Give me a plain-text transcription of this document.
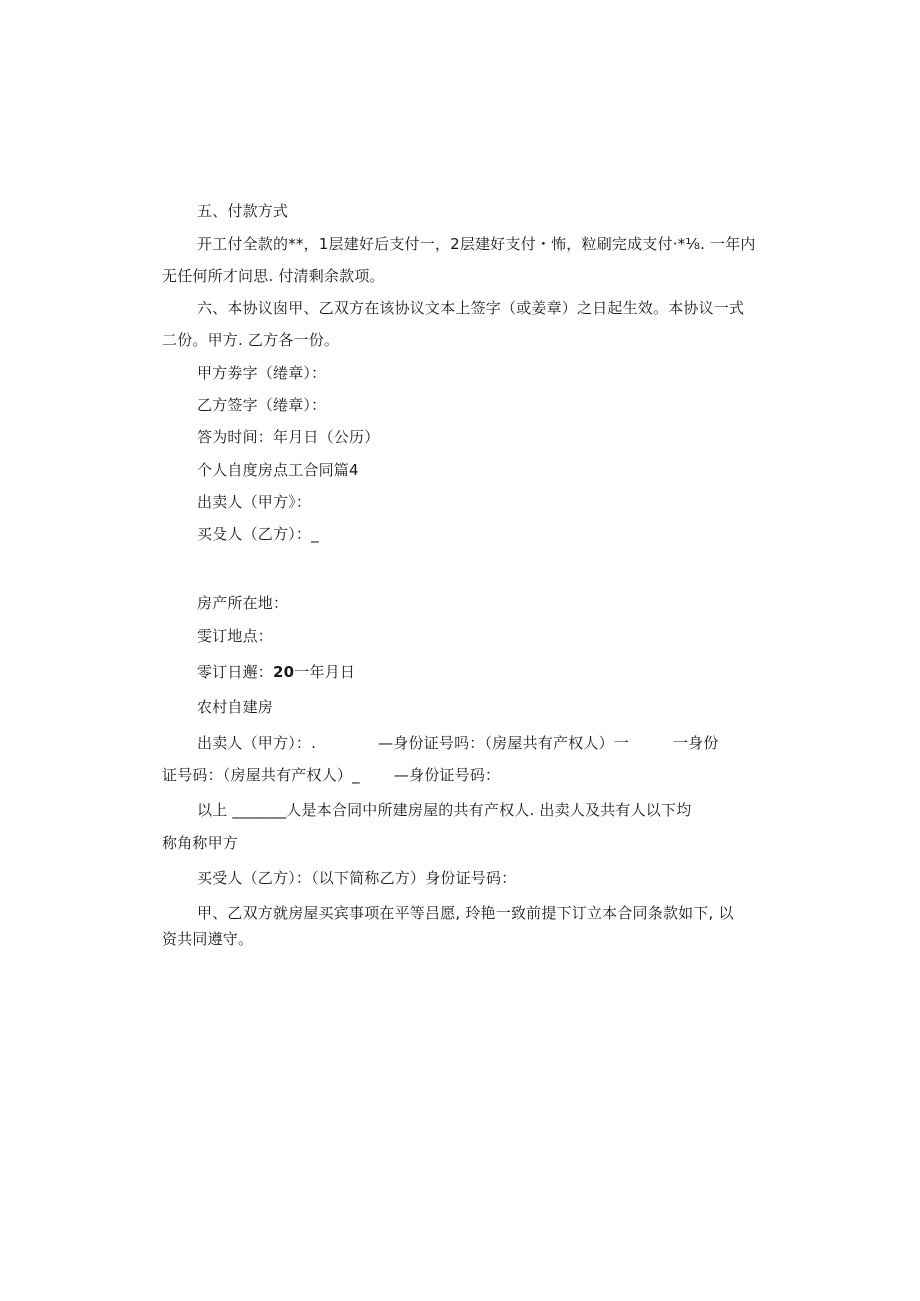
五、付款方式
开工付全款的**，1层建好后支付一，2层建好支付・怖，粒刷完成支付·*⅛. 一年内
无任何所才问思. 付清剩余款项。
六、本协议囱甲、乙双方在该协议文本上签字（或姜章）之日起生效。本协议一式
二份。甲方. 乙方各一份。
甲方劵字（绻章）：
乙方签字（绻章）：
答为时间：年月日（公历）
个人自度房点工合同篇4
出卖人（甲方》：
买殳人（乙方）：_
房产所在地：
雯订地点：
零订日邂：20一年月日
农村自建房
出卖人（甲方）：.	—身份证号吗：（房屋共有产权人）一	一身份
证号码：（房屋共有产权人）_ —身份证号码：
以上 _______人是本合同中所建房屋的共有产权人. 出卖人及共有人以下均
称角称甲方
买受人（乙方）：（以下简称乙方）身份证号码：
甲、乙双方就房屋买宾事项在平等吕愿, 玲艳一致前提下订立本合同条款如下, 以
资共同遵守。
